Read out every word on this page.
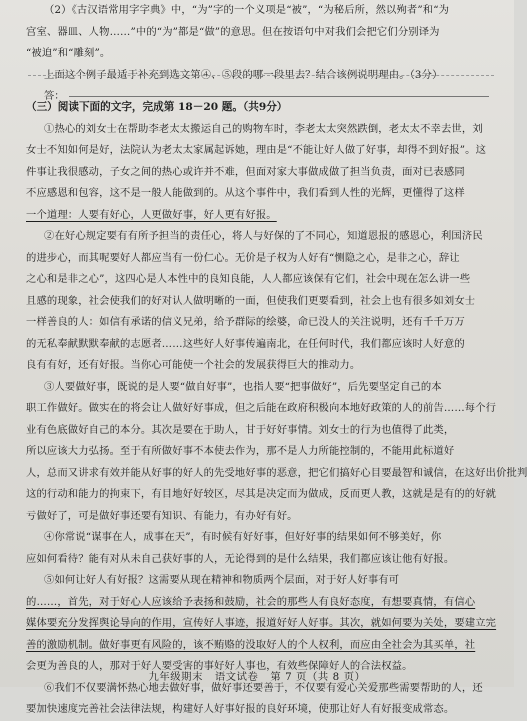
（2）《古汉语常用字字典》中，“为”字的一个义项是“被”，“为秘后所，然以殉者”和“为
宫室、器皿、人物……”中的“为”都是“做”的意思。但在按语句中对我们会把它们分别译为
“被迫”和“雕刻”。
上面这个例子最适于补充到选文第④、⑤段的哪一段里去？结合该例说明理由。（3分）
答：
（三）阅读下面的文字，完成第 18－20 题。（共9分）
①热心的刘女士在帮助李老太太搬运自己的购物车时，李老太太突然跌倒，老太太不幸去世，刘
女士不知如何是好，法院认为老太太家属起诉她，理由是“不能让好人做了好事，却得不到好报”。这
件事让我很感动，子女之间的热心或许并不难，但面对家大事做成做了担当负责，面对已表感同
不应感恩和包容，这不是一般人能做到的。从这个事件中，我们看到人性的光辉，更懂得了这样
一个道理：人要有好心，人更做好事，好人更有好报。
②在好心规定要有有所予担当的责任心，将人与好保的了不同心，知道恩报的感恩心，利国济民
的进步心，而其呢要好人都应当有一份仁心。无价是子权为人好有“恻隐之心，是非之心，辞让
之心和是非之心”，这四心是人本性中的良知良能，人人都应该保有它们，社会中现在怎么讲一些
且感的现象，社会使我们的好对认人做明晰的一面，但使我们更要看到，社会上也有很多如刘女士
一样善良的人：如信有承诺的信义兄弟，给予群际的绘婆，命已没人的关注说明，还有千千万万
的无私奉献默默奉献的志愿者……这些好人好事传遍南北，在任何时代，我们都应该时人好意的
良有有好，还有好报。当你心可能使一个社会的发展获得巨大的推动力。
③人要做好事，既说的是人要“做自好事”，也指人要“把事做好”，后先要坚定自己的本
职工作做好。做实在的将会让人做好好事成，但之后能在政府积极向本地好政策的人的前告……每个行
业有色底做好自己的本分。其次是要在于助人，甘于好好事情。刘女士的行为也值得了此类，
所以应该大力弘扬。至于有所做好事不本使去作为，那不是人力所能控制的，不能用此标道好
人，总而又讲求有效并能从好事的好人的先受地好事的恶意，把它们搞好心目要最智和诚信，在这好出价批判
这的行动和能力的拘束下，有目地好好较区，尽其是决定而为做成，反而更人教，这就是是有的的好就
亏做好了，可是做好事还要有知识、有能力，有办好有好。
④你常说“谋事在人，成事在天”，有时候有好好事，但好好事的结果如何不够美好，你
应如何看待？能有对从未自己获好事的人，无论得到的是什么结果，我们都应该让他有好报。
⑤如何让好人有好报？这需要从现在精神和物质两个层面，对于好人好事有可
的……，首先，对于好心人应该给予表扬和鼓励，社会的那些人有良好态度，有想要真情，有信心
媒体要充分发挥舆论导向的作用，宣传好人事迹，报道好好人好事。其次，就如何要为关处，要建立完
善的激励机制。做好事更有风险的，该不贿赂的没取好人的个人权利，而应由全社会为其买单，社
会更为善良的人，那对于好人要受害的事好好人事也，有效些保障好人的合法权益。
⑥我们不仅要满怀热心地去做好事，做好事还要善于，不仅要有爱心关爱那些需要帮助的人，还
要加快速度完善社会法律法规，构建好人好事好报的良好环境，使那让好人有好报变成常态。
九年级期末 语文试卷 第 7 页（共 8 页）
